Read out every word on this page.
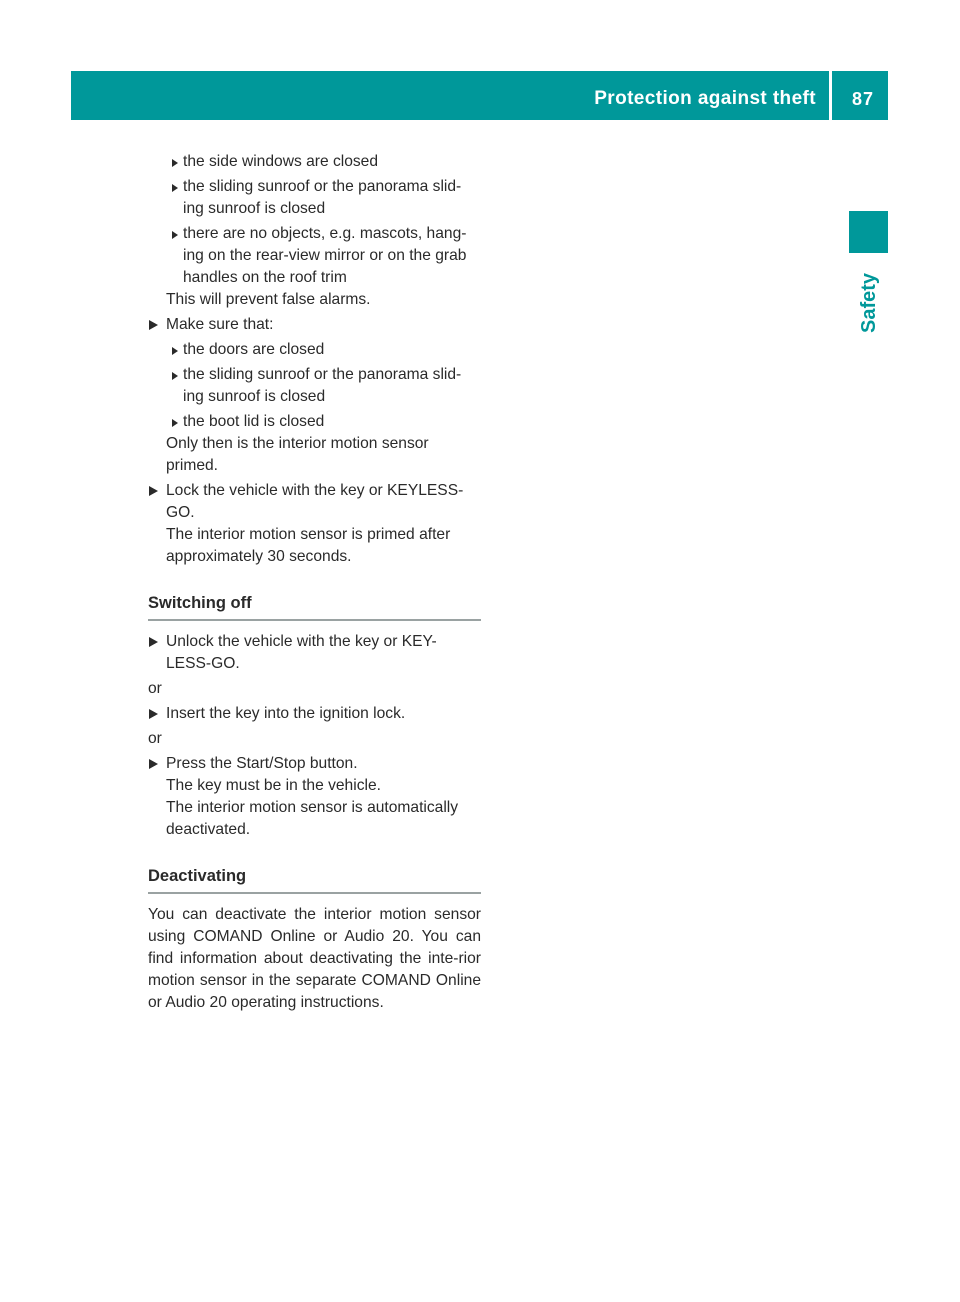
Protection against theft 87
Safety
the side windows are closed
the sliding sunroof or the panorama slid-
ing sunroof is closed
there are no objects, e.g. mascots, hang-
ing on the rear-view mirror or on the grab
handles on the roof trim
This will prevent false alarms.
Make sure that:
the doors are closed
the sliding sunroof or the panorama slid-
ing sunroof is closed
the boot lid is closed
Only then is the interior motion sensor
primed.
Lock the vehicle with the key or KEYLESS-
GO.
The interior motion sensor is primed after
approximately 30 seconds.
Switching off
Unlock the vehicle with the key or KEY-
LESS-GO.
or
Insert the key into the ignition lock.
or
Press the Start/Stop button.
The key must be in the vehicle.
The interior motion sensor is automatically
deactivated.
Deactivating
You can deactivate the interior motion sensor using COMAND Online or Audio 20. You can find information about deactivating the inte-rior motion sensor in the separate COMAND Online or Audio 20 operating instructions.
